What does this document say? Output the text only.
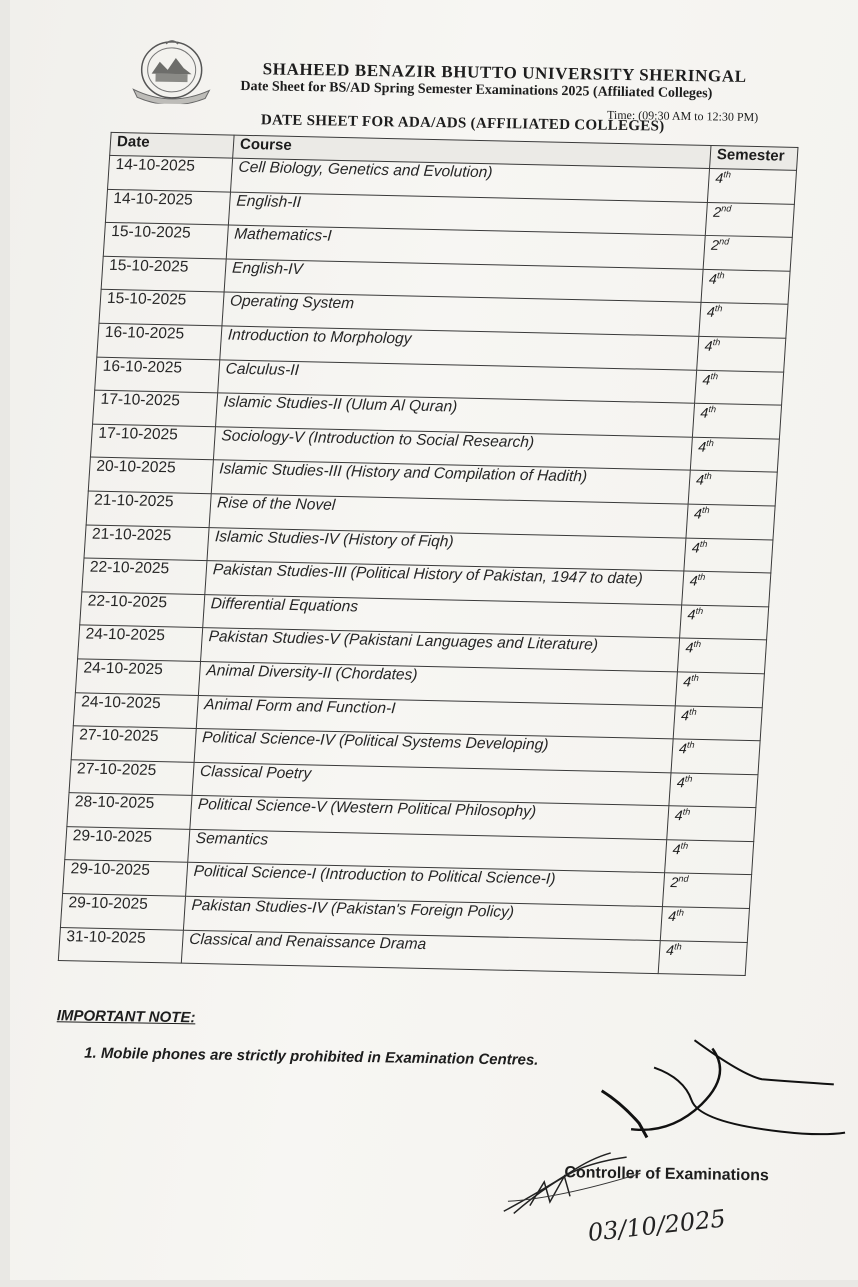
SHAHEED BENAZIR BHUTTO UNIVERSITY SHERINGAL
Date Sheet for BS/AD Spring Semester Examinations 2025 (Affiliated Colleges)
Time: (09:30 AM to 12:30 PM)
DATE SHEET FOR ADA/ADS (AFFILIATED COLLEGES)
Date	Course	Semester
14-10-2025	Cell Biology, Genetics and Evolution)	4th
14-10-2025	English-II	2nd
15-10-2025	Mathematics-I	2nd
15-10-2025	English-IV	4th
15-10-2025	Operating System	4th
16-10-2025	Introduction to Morphology	4th
16-10-2025	Calculus-II	4th
17-10-2025	Islamic Studies-II (Ulum Al Quran)	4th
17-10-2025	Sociology-V (Introduction to Social Research)	4th
20-10-2025	Islamic Studies-III (History and Compilation of Hadith)	4th
21-10-2025	Rise of the Novel	4th
21-10-2025	Islamic Studies-IV (History of Fiqh)	4th
22-10-2025	Pakistan Studies-III (Political History of Pakistan, 1947 to date)	4th
22-10-2025	Differential Equations	4th
24-10-2025	Pakistan Studies-V (Pakistani Languages and Literature)	4th
24-10-2025	Animal Diversity-II (Chordates)	4th
24-10-2025	Animal Form and Function-I	4th
27-10-2025	Political Science-IV (Political Systems Developing)	4th
27-10-2025	Classical Poetry	4th
28-10-2025	Political Science-V (Western Political Philosophy)	4th
29-10-2025	Semantics	4th
29-10-2025	Political Science-I (Introduction to Political Science-I)	2nd
29-10-2025	Pakistan Studies-IV (Pakistan's Foreign Policy)	4th
31-10-2025	Classical and Renaissance Drama	4th
IMPORTANT NOTE:
1. Mobile phones are strictly prohibited in Examination Centres.
Controller of Examinations
03/10/2025
